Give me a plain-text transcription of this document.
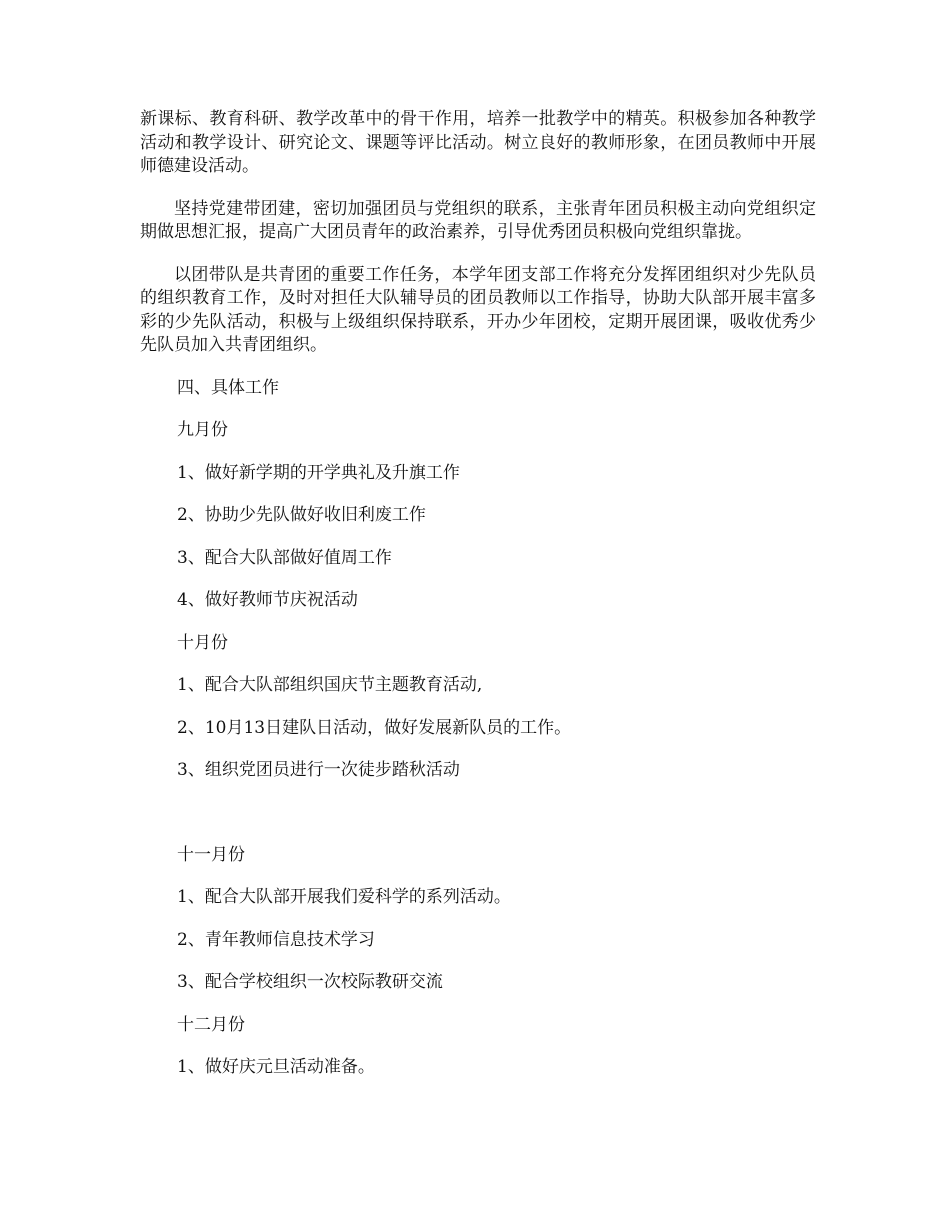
新课标、教育科研、教学改革中的骨干作用，培养一批教学中的精英。积极参加各种教学活动和教学设计、研究论文、课题等评比活动。树立良好的教师形象，在团员教师中开展师德建设活动。

坚持党建带团建，密切加强团员与党组织的联系，主张青年团员积极主动向党组织定期做思想汇报，提高广大团员青年的政治素养，引导优秀团员积极向党组织靠拢。

以团带队是共青团的重要工作任务，本学年团支部工作将充分发挥团组织对少先队员的组织教育工作，及时对担任大队辅导员的团员教师以工作指导，协助大队部开展丰富多彩的少先队活动，积极与上级组织保持联系，开办少年团校，定期开展团课，吸收优秀少先队员加入共青团组织。

四、具体工作
九月份
1、做好新学期的开学典礼及升旗工作
2、协助少先队做好收旧利废工作
3、配合大队部做好值周工作
4、做好教师节庆祝活动
十月份
1、配合大队部组织国庆节主题教育活动,
2、10月13日建队日活动，做好发展新队员的工作。
3、组织党团员进行一次徒步踏秋活动
十一月份
1、配合大队部开展我们爱科学的系列活动。
2、青年教师信息技术学习
3、配合学校组织一次校际教研交流
十二月份
1、做好庆元旦活动准备。
